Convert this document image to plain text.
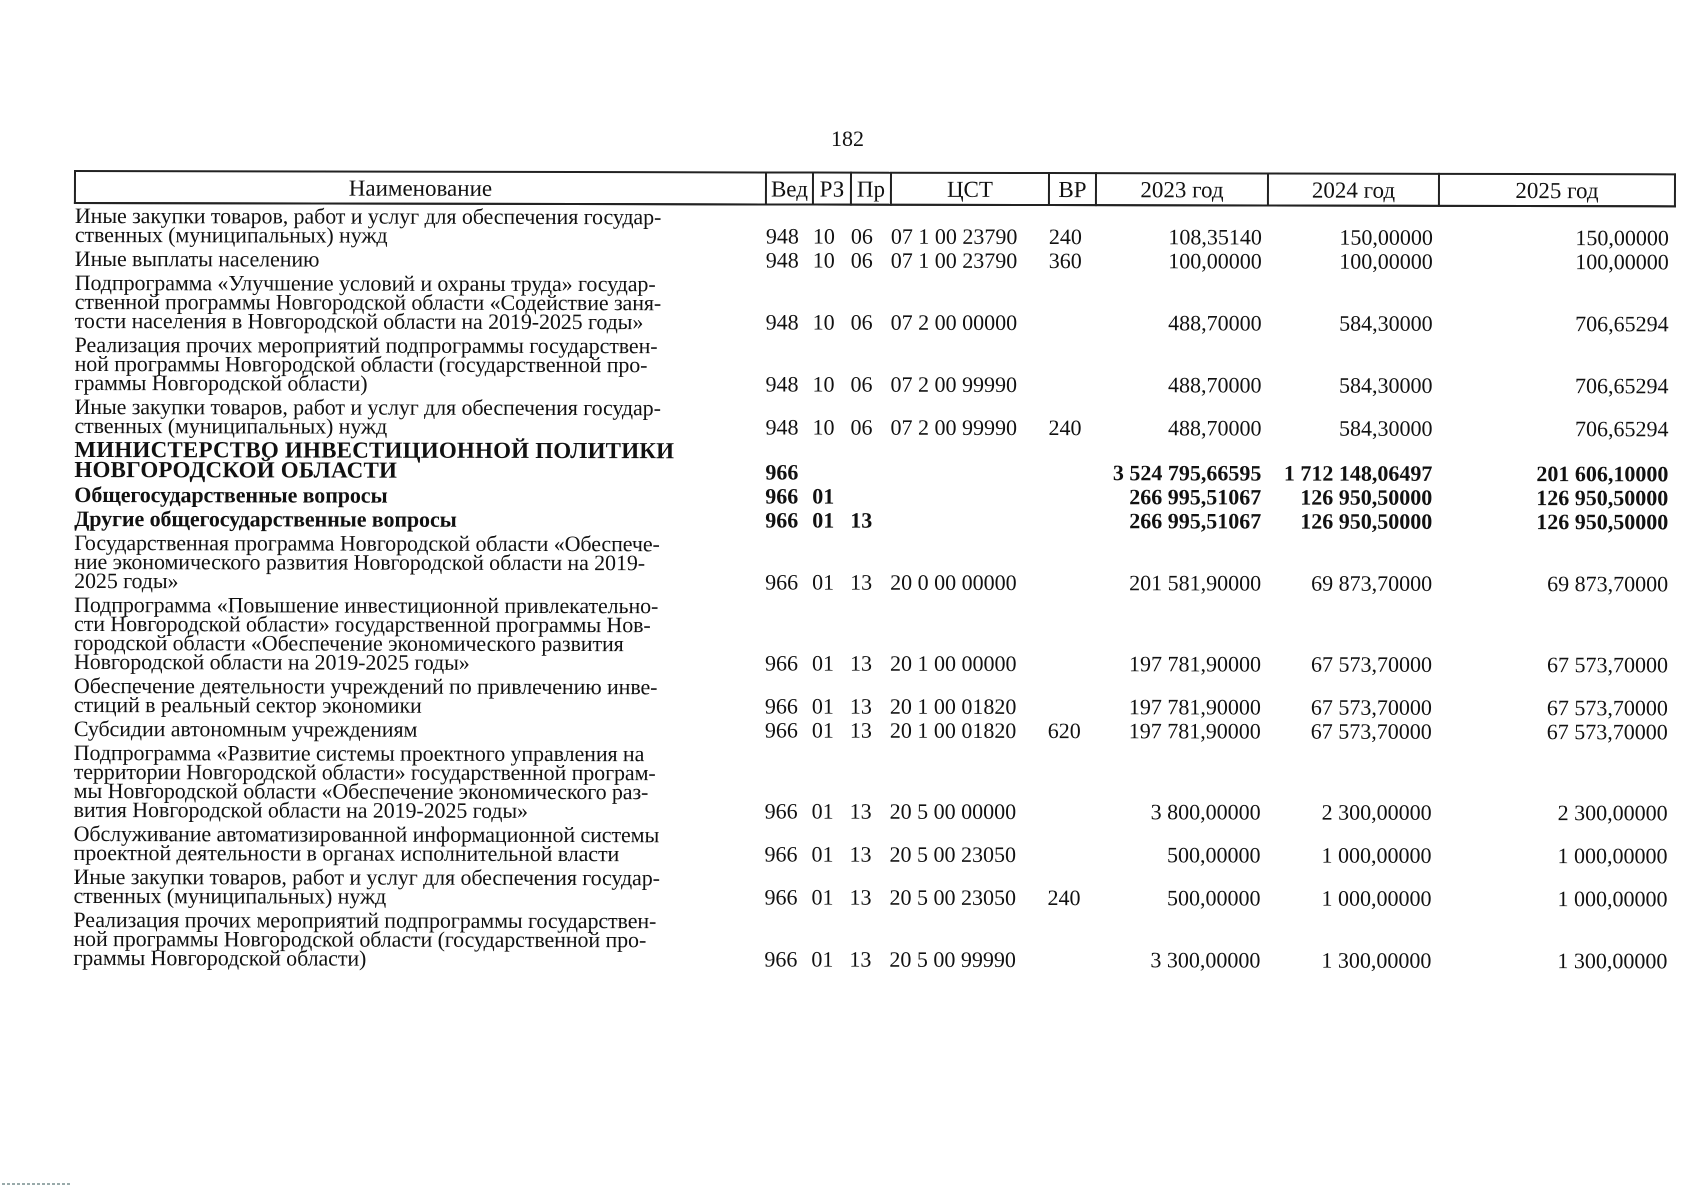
182
Наименование	Вед	РЗ	Пр	ЦСТ	ВР	2023 год	2024 год	2025 год
Иные закупки товаров, работ и услуг для обеспечения государ-
ственных (муниципальных) нужд	948	10	06	07 1 00 23790	240	108,35140	150,00000	150,00000
Иные выплаты населению	948	10	06	07 1 00 23790	360	100,00000	100,00000	100,00000
Подпрограмма «Улучшение условий и охраны труда» государ-
ственной программы Новгородской области «Содействие заня-
тости населения в Новгородской области на 2019-2025 годы»	948	10	06	07 2 00 00000		488,70000	584,30000	706,65294
Реализация прочих мероприятий подпрограммы государствен-
ной программы Новгородской области (государственной про-
граммы Новгородской области)	948	10	06	07 2 00 99990		488,70000	584,30000	706,65294
Иные закупки товаров, работ и услуг для обеспечения государ-
ственных (муниципальных) нужд	948	10	06	07 2 00 99990	240	488,70000	584,30000	706,65294
МИНИСТЕРСТВО ИНВЕСТИЦИОННОЙ ПОЛИТИКИ
НОВГОРОДСКОЙ ОБЛАСТИ	966					3 524 795,66595	1 712 148,06497	201 606,10000
Общегосударственные вопросы	966	01				266 995,51067	126 950,50000	126 950,50000
Другие общегосударственные вопросы	966	01	13			266 995,51067	126 950,50000	126 950,50000
Государственная программа Новгородской области «Обеспече-
ние экономического развития Новгородской области на 2019-
2025 годы»	966	01	13	20 0 00 00000		201 581,90000	69 873,70000	69 873,70000
Подпрограмма «Повышение инвестиционной привлекательно-
сти Новгородской области» государственной программы Нов-
городской области «Обеспечение экономического развития
Новгородской области на 2019-2025 годы»	966	01	13	20 1 00 00000		197 781,90000	67 573,70000	67 573,70000
Обеспечение деятельности учреждений по привлечению инве-
стиций в реальный сектор экономики	966	01	13	20 1 00 01820		197 781,90000	67 573,70000	67 573,70000
Субсидии автономным учреждениям	966	01	13	20 1 00 01820	620	197 781,90000	67 573,70000	67 573,70000
Подпрограмма «Развитие системы проектного управления на
территории Новгородской области» государственной програм-
мы Новгородской области «Обеспечение экономического раз-
вития Новгородской области на 2019-2025 годы»	966	01	13	20 5 00 00000		3 800,00000	2 300,00000	2 300,00000
Обслуживание автоматизированной информационной системы
проектной деятельности в органах исполнительной власти	966	01	13	20 5 00 23050		500,00000	1 000,00000	1 000,00000
Иные закупки товаров, работ и услуг для обеспечения государ-
ственных (муниципальных) нужд	966	01	13	20 5 00 23050	240	500,00000	1 000,00000	1 000,00000
Реализация прочих мероприятий подпрограммы государствен-
ной программы Новгородской области (государственной про-
граммы Новгородской области)	966	01	13	20 5 00 99990		3 300,00000	1 300,00000	1 300,00000
